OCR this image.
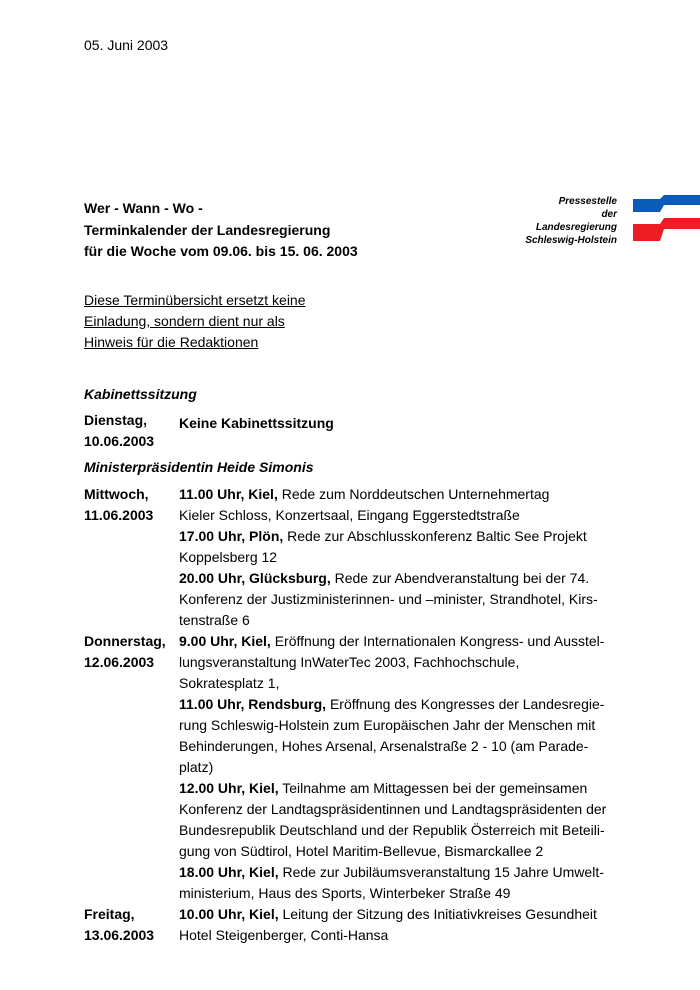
05. Juni 2003
Wer - Wann - Wo -
Terminkalender der Landesregierung
für die Woche vom 09.06. bis 15. 06. 2003
Pressestelle
der
Landesregierung
Schleswig-Holstein
Diese Terminübersicht ersetzt keine
Einladung, sondern dient nur als
Hinweis für die Redaktionen
Kabinettssitzung
Dienstag,
10.06.2003
Keine Kabinettssitzung
Ministerpräsidentin Heide Simonis
Mittwoch,
11.06.2003
11.00 Uhr, Kiel, Rede zum Norddeutschen Unternehmertag
Kieler Schloss, Konzertsaal, Eingang Eggerstedtstraße
17.00 Uhr, Plön, Rede zur Abschlusskonferenz Baltic See Projekt
Koppelsberg 12
20.00 Uhr, Glücksburg, Rede zur Abendveranstaltung bei der 74.
Konferenz der Justizministerinnen- und –minister, Strandhotel, Kirs-
tenstraße 6
Donnerstag,
12.06.2003
9.00 Uhr, Kiel, Eröffnung der Internationalen Kongress- und Ausstel-
lungsveranstaltung InWaterTec 2003, Fachhochschule,
Sokratesplatz 1,
11.00 Uhr, Rendsburg, Eröffnung des Kongresses der Landesregie-
rung Schleswig-Holstein zum Europäischen Jahr der Menschen mit
Behinderungen, Hohes Arsenal, Arsenalstraße 2 - 10 (am Parade-
platz)
12.00 Uhr, Kiel, Teilnahme am Mittagessen bei der gemeinsamen
Konferenz der Landtagspräsidentinnen und Landtagspräsidenten der
Bundesrepublik Deutschland und der Republik Österreich mit Beteili-
gung von Südtirol, Hotel Maritim-Bellevue, Bismarckallee 2
18.00 Uhr, Kiel, Rede zur Jubiläumsveranstaltung 15 Jahre Umwelt-
ministerium, Haus des Sports, Winterbeker Straße 49
Freitag,
13.06.2003
10.00 Uhr, Kiel, Leitung der Sitzung des Initiativkreises Gesundheit
Hotel Steigenberger, Conti-Hansa
